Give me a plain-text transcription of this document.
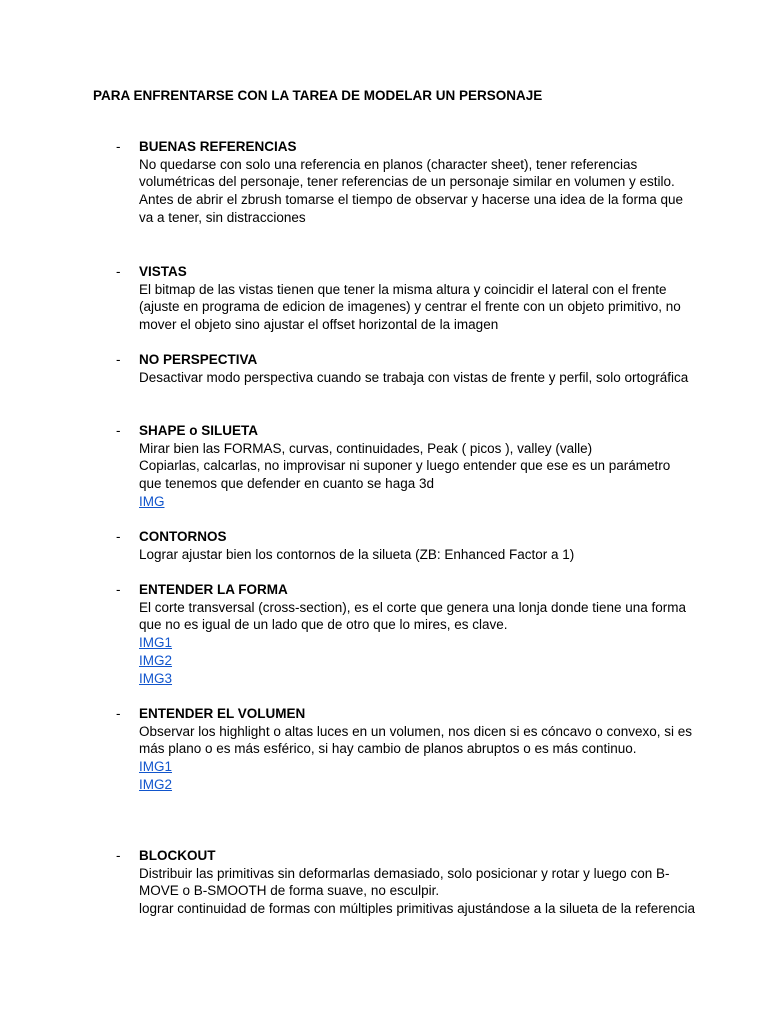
PARA ENFRENTARSE CON LA TAREA DE MODELAR UN PERSONAJE
- BUENAS REFERENCIAS

No quedarse con solo una referencia en planos (character sheet), tener referencias volumétricas del personaje, tener referencias de un personaje similar en volumen y estilo.

Antes de abrir el zbrush tomarse el tiempo de observar y hacerse una idea de la forma que va a tener, sin distracciones

- VISTAS

El bitmap de las vistas tienen que tener la misma altura y coincidir el lateral con el frente (ajuste en programa de edicion de imagenes) y centrar el frente con un objeto primitivo, no mover el objeto sino ajustar el offset horizontal de la imagen

- NO PERSPECTIVA

Desactivar modo perspectiva cuando se trabaja con vistas de frente y perfil, solo ortográfica

- SHAPE o SILUETA

Mirar bien las FORMAS, curvas, continuidades, Peak ( picos ), valley (valle)

Copiarlas, calcarlas, no improvisar ni suponer y luego entender que ese es un parámetro que tenemos que defender en cuanto se haga 3d

IMG
- CONTORNOS

Lograr ajustar bien los contornos de la silueta (ZB: Enhanced Factor a 1)

- ENTENDER LA FORMA

El corte transversal (cross-section), es el corte que genera una lonja donde tiene una forma que no es igual de un lado que de otro que lo mires, es clave.

IMG1
IMG2
IMG3
- ENTENDER EL VOLUMEN

Observar los highlight o altas luces en un volumen, nos dicen si es cóncavo o convexo, si es más plano o es más esférico, si hay cambio de planos abruptos o es más continuo.

IMG1
IMG2
- BLOCKOUT

Distribuir las primitivas sin deformarlas demasiado, solo posicionar y rotar y luego con B-MOVE o B-SMOOTH de forma suave, no esculpir.

lograr continuidad de formas con múltiples primitivas ajustándose a la silueta de la referencia
